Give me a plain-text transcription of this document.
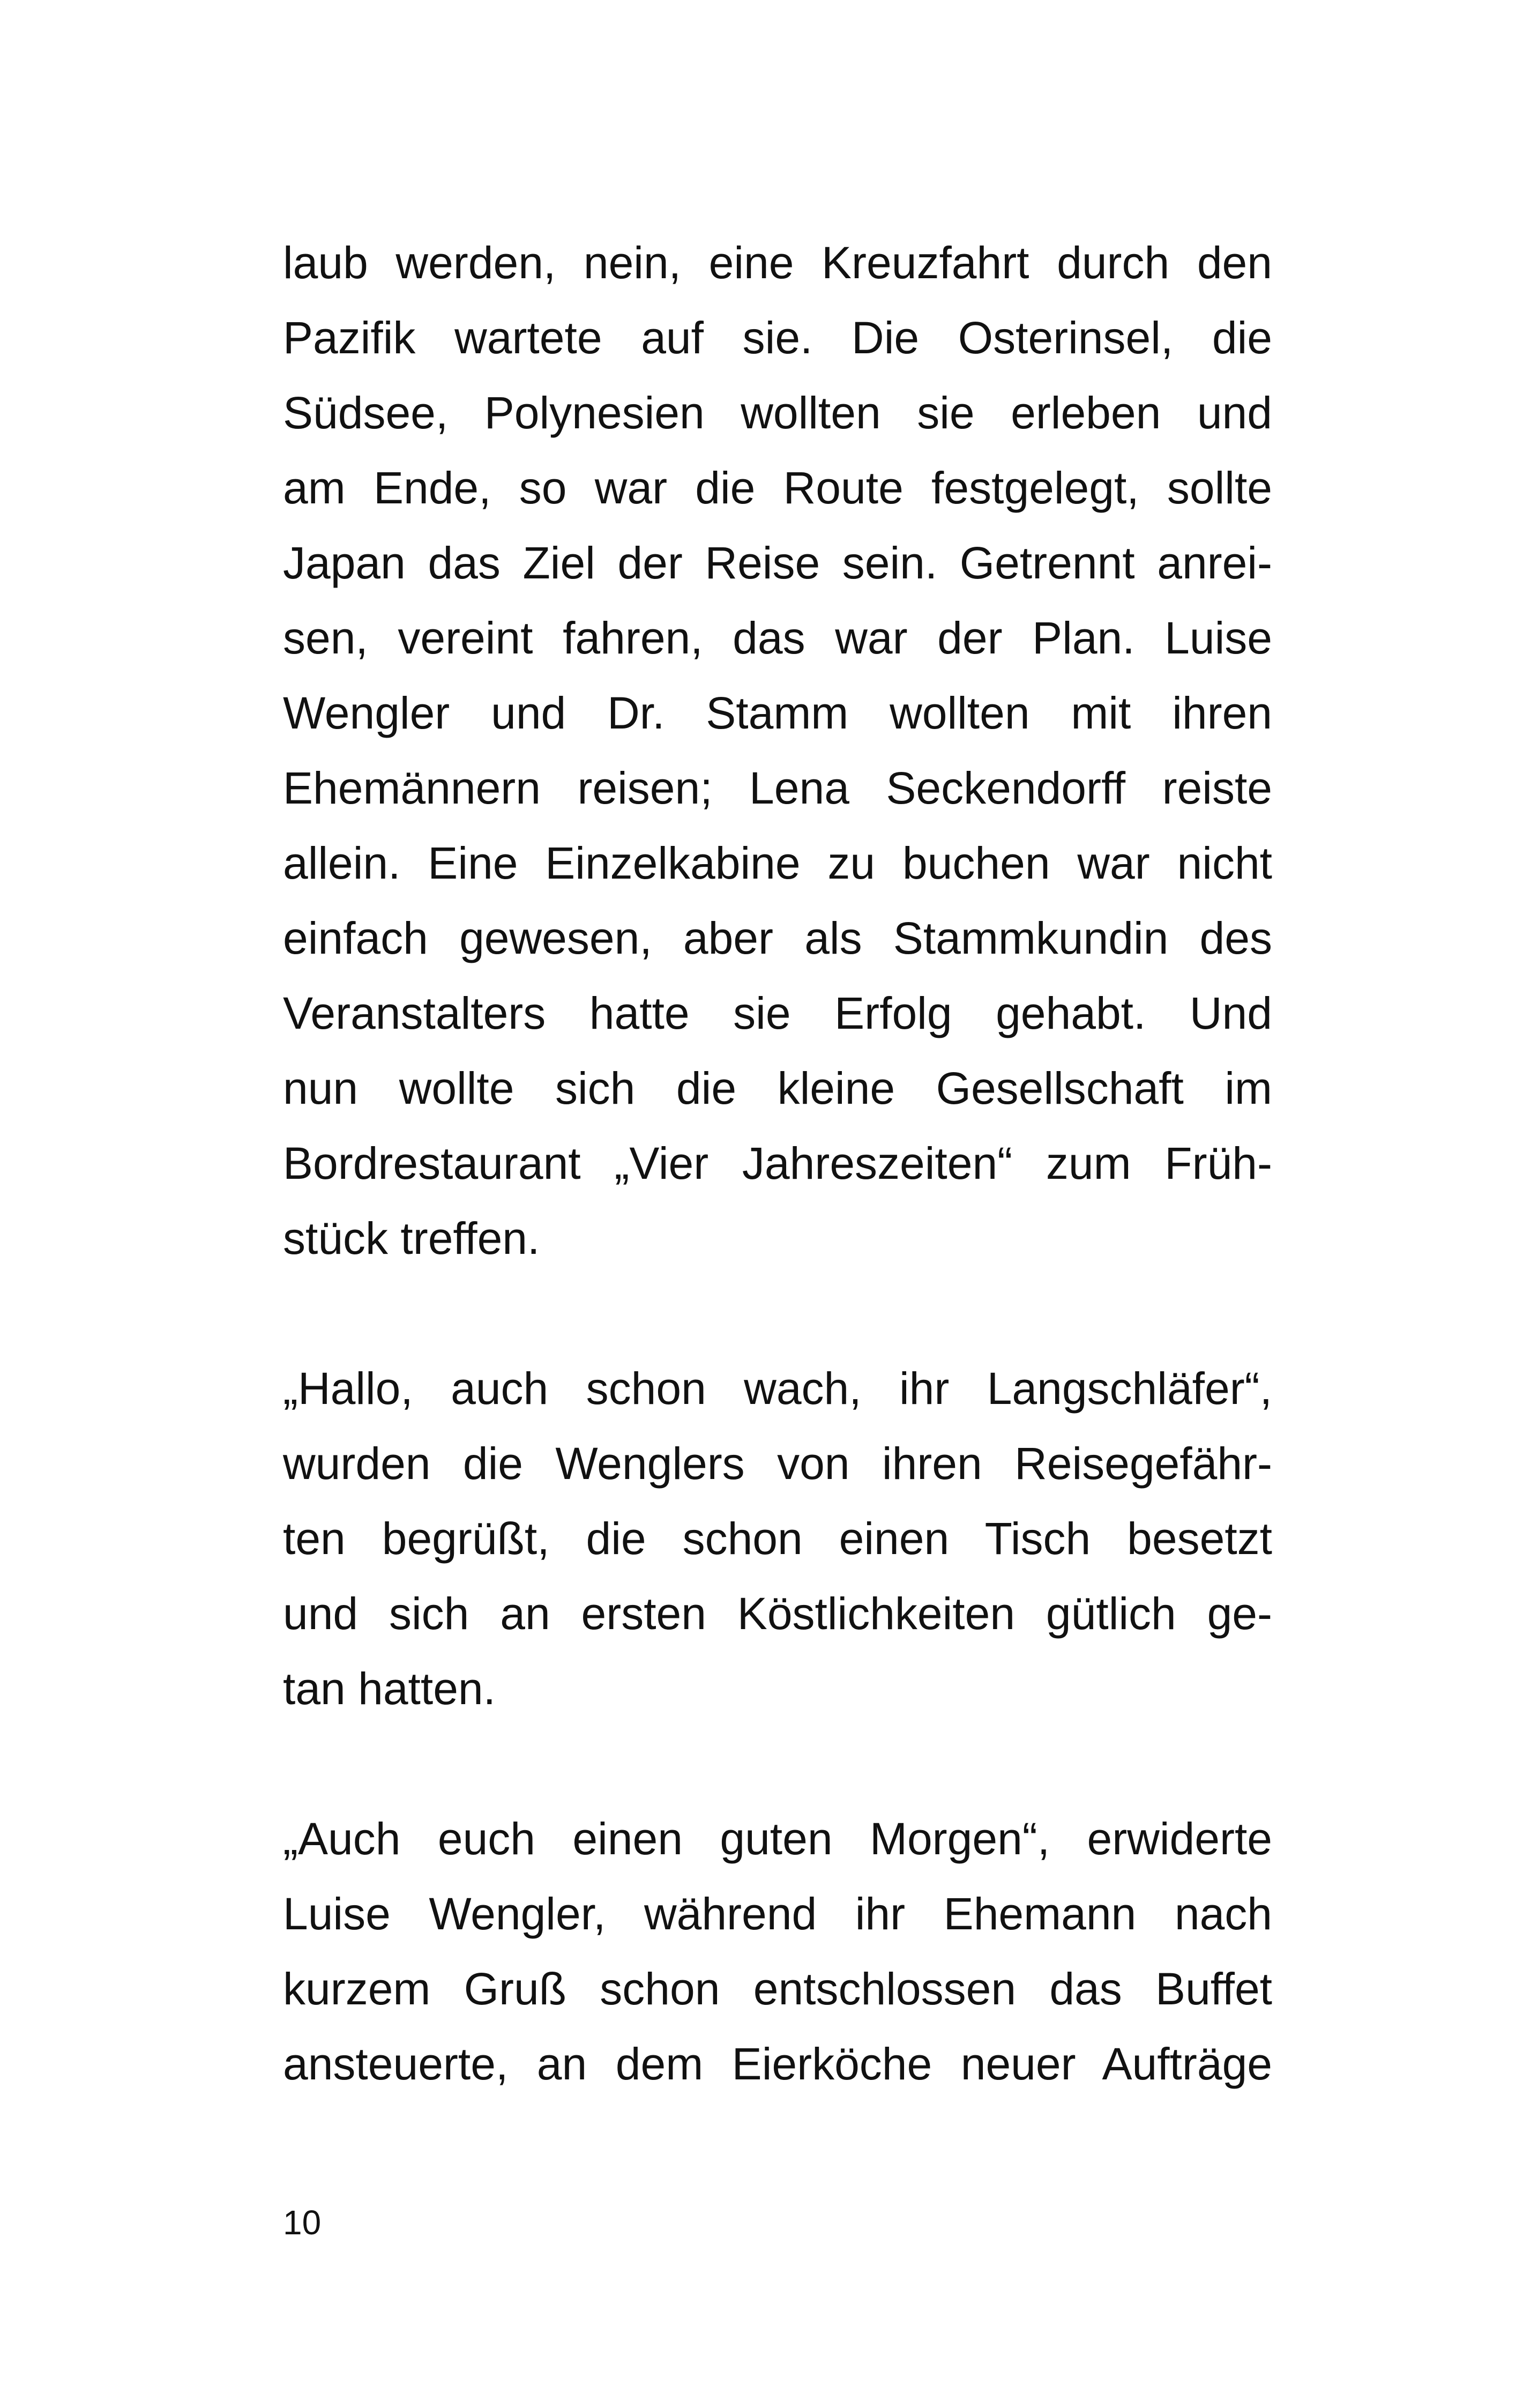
laub werden, nein, eine Kreuzfahrt durch den
Pazifik wartete auf sie. Die Osterinsel, die
Südsee, Polynesien wollten sie erleben und
am Ende, so war die Route festgelegt, sollte
Japan das Ziel der Reise sein. Getrennt anrei-
sen, vereint fahren, das war der Plan. Luise
Wengler und Dr. Stamm wollten mit ihren
Ehemännern reisen; Lena Seckendorff reiste
allein. Eine Einzelkabine zu buchen war nicht
einfach gewesen, aber als Stammkundin des
Veranstalters hatte sie Erfolg gehabt. Und
nun wollte sich die kleine Gesellschaft im
Bordrestaurant „Vier Jahreszeiten“ zum Früh-
stück treffen.
„Hallo, auch schon wach, ihr Langschläfer“,
wurden die Wenglers von ihren Reisegefähr-
ten begrüßt, die schon einen Tisch besetzt
und sich an ersten Köstlichkeiten gütlich ge-
tan hatten.
„Auch euch einen guten Morgen“, erwiderte
Luise Wengler, während ihr Ehemann nach
kurzem Gruß schon entschlossen das Buffet
ansteuerte, an dem Eierköche neuer Aufträge
10
